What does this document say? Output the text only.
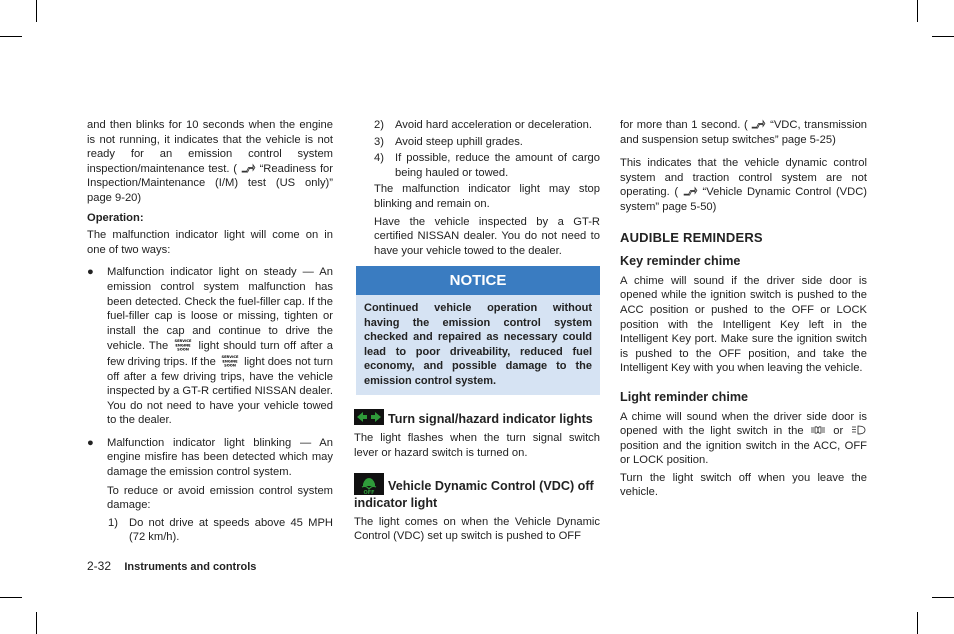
and then blinks for 10 seconds when the engine is not running, it indicates that the vehicle is not ready for an emission control system inspection/maintenance test. ( “Readiness for Inspection/Maintenance (I/M) test (US only)” page 9-20)

Operation:

The malfunction indicator light will come on in one of two ways:

● Malfunction indicator light on steady — An emission control system malfunction has been detected. Check the fuel-filler cap. If the fuel-filler cap is loose or missing, tighten or install the cap and continue to drive the vehicle. The SERVICE
ENGINE
SOON light should turn off after a few driving trips. If the SERVICE
ENGINE
SOON light does not turn off after a few driving trips, have the vehicle inspected by a GT-R certified NISSAN dealer. You do not need to have your vehicle towed to the dealer.
● Malfunction indicator light blinking — An engine misfire has been detected which may damage the emission control system.

To reduce or avoid emission control system damage:

1) Do not drive at speeds above 45 MPH (72 km/h).
2) Avoid hard acceleration or deceleration.
3) Avoid steep uphill grades.
4) If possible, reduce the amount of cargo being hauled or towed.

The malfunction indicator light may stop blinking and remain on.

Have the vehicle inspected by a GT-R certified NISSAN dealer. You do not need to have your vehicle towed to the dealer.

NOTICE
Continued vehicle operation without having the emission control system checked and repaired as necessary could lead to poor driveability, reduced fuel economy, and possible damage to the emission control system.
Turn signal/hazard indicator lights

The light flashes when the turn signal switch lever or hazard switch is turned on.

OFF Vehicle Dynamic Control (VDC) off indicator light

The light comes on when the Vehicle Dynamic Control (VDC) set up switch is pushed to OFF

for more than 1 second. ( “VDC, transmission and suspension setup switches” page 5-25)

This indicates that the vehicle dynamic control system and traction control system are not operating. ( “Vehicle Dynamic Control (VDC) system” page 5-50)

AUDIBLE REMINDERS
Key reminder chime

A chime will sound if the driver side door is opened while the ignition switch is pushed to the ACC position or pushed to the OFF or LOCK position with the Intelligent Key left in the Intelligent Key port. Make sure the ignition switch is pushed to the OFF position, and take the Intelligent Key with you when leaving the vehicle.

Light reminder chime

A chime will sound when the driver side door is opened with the light switch in the	or  position and the ignition switch in the ACC, OFF or LOCK position.

Turn the light switch off when you leave the vehicle.

2-32 Instruments and controls
